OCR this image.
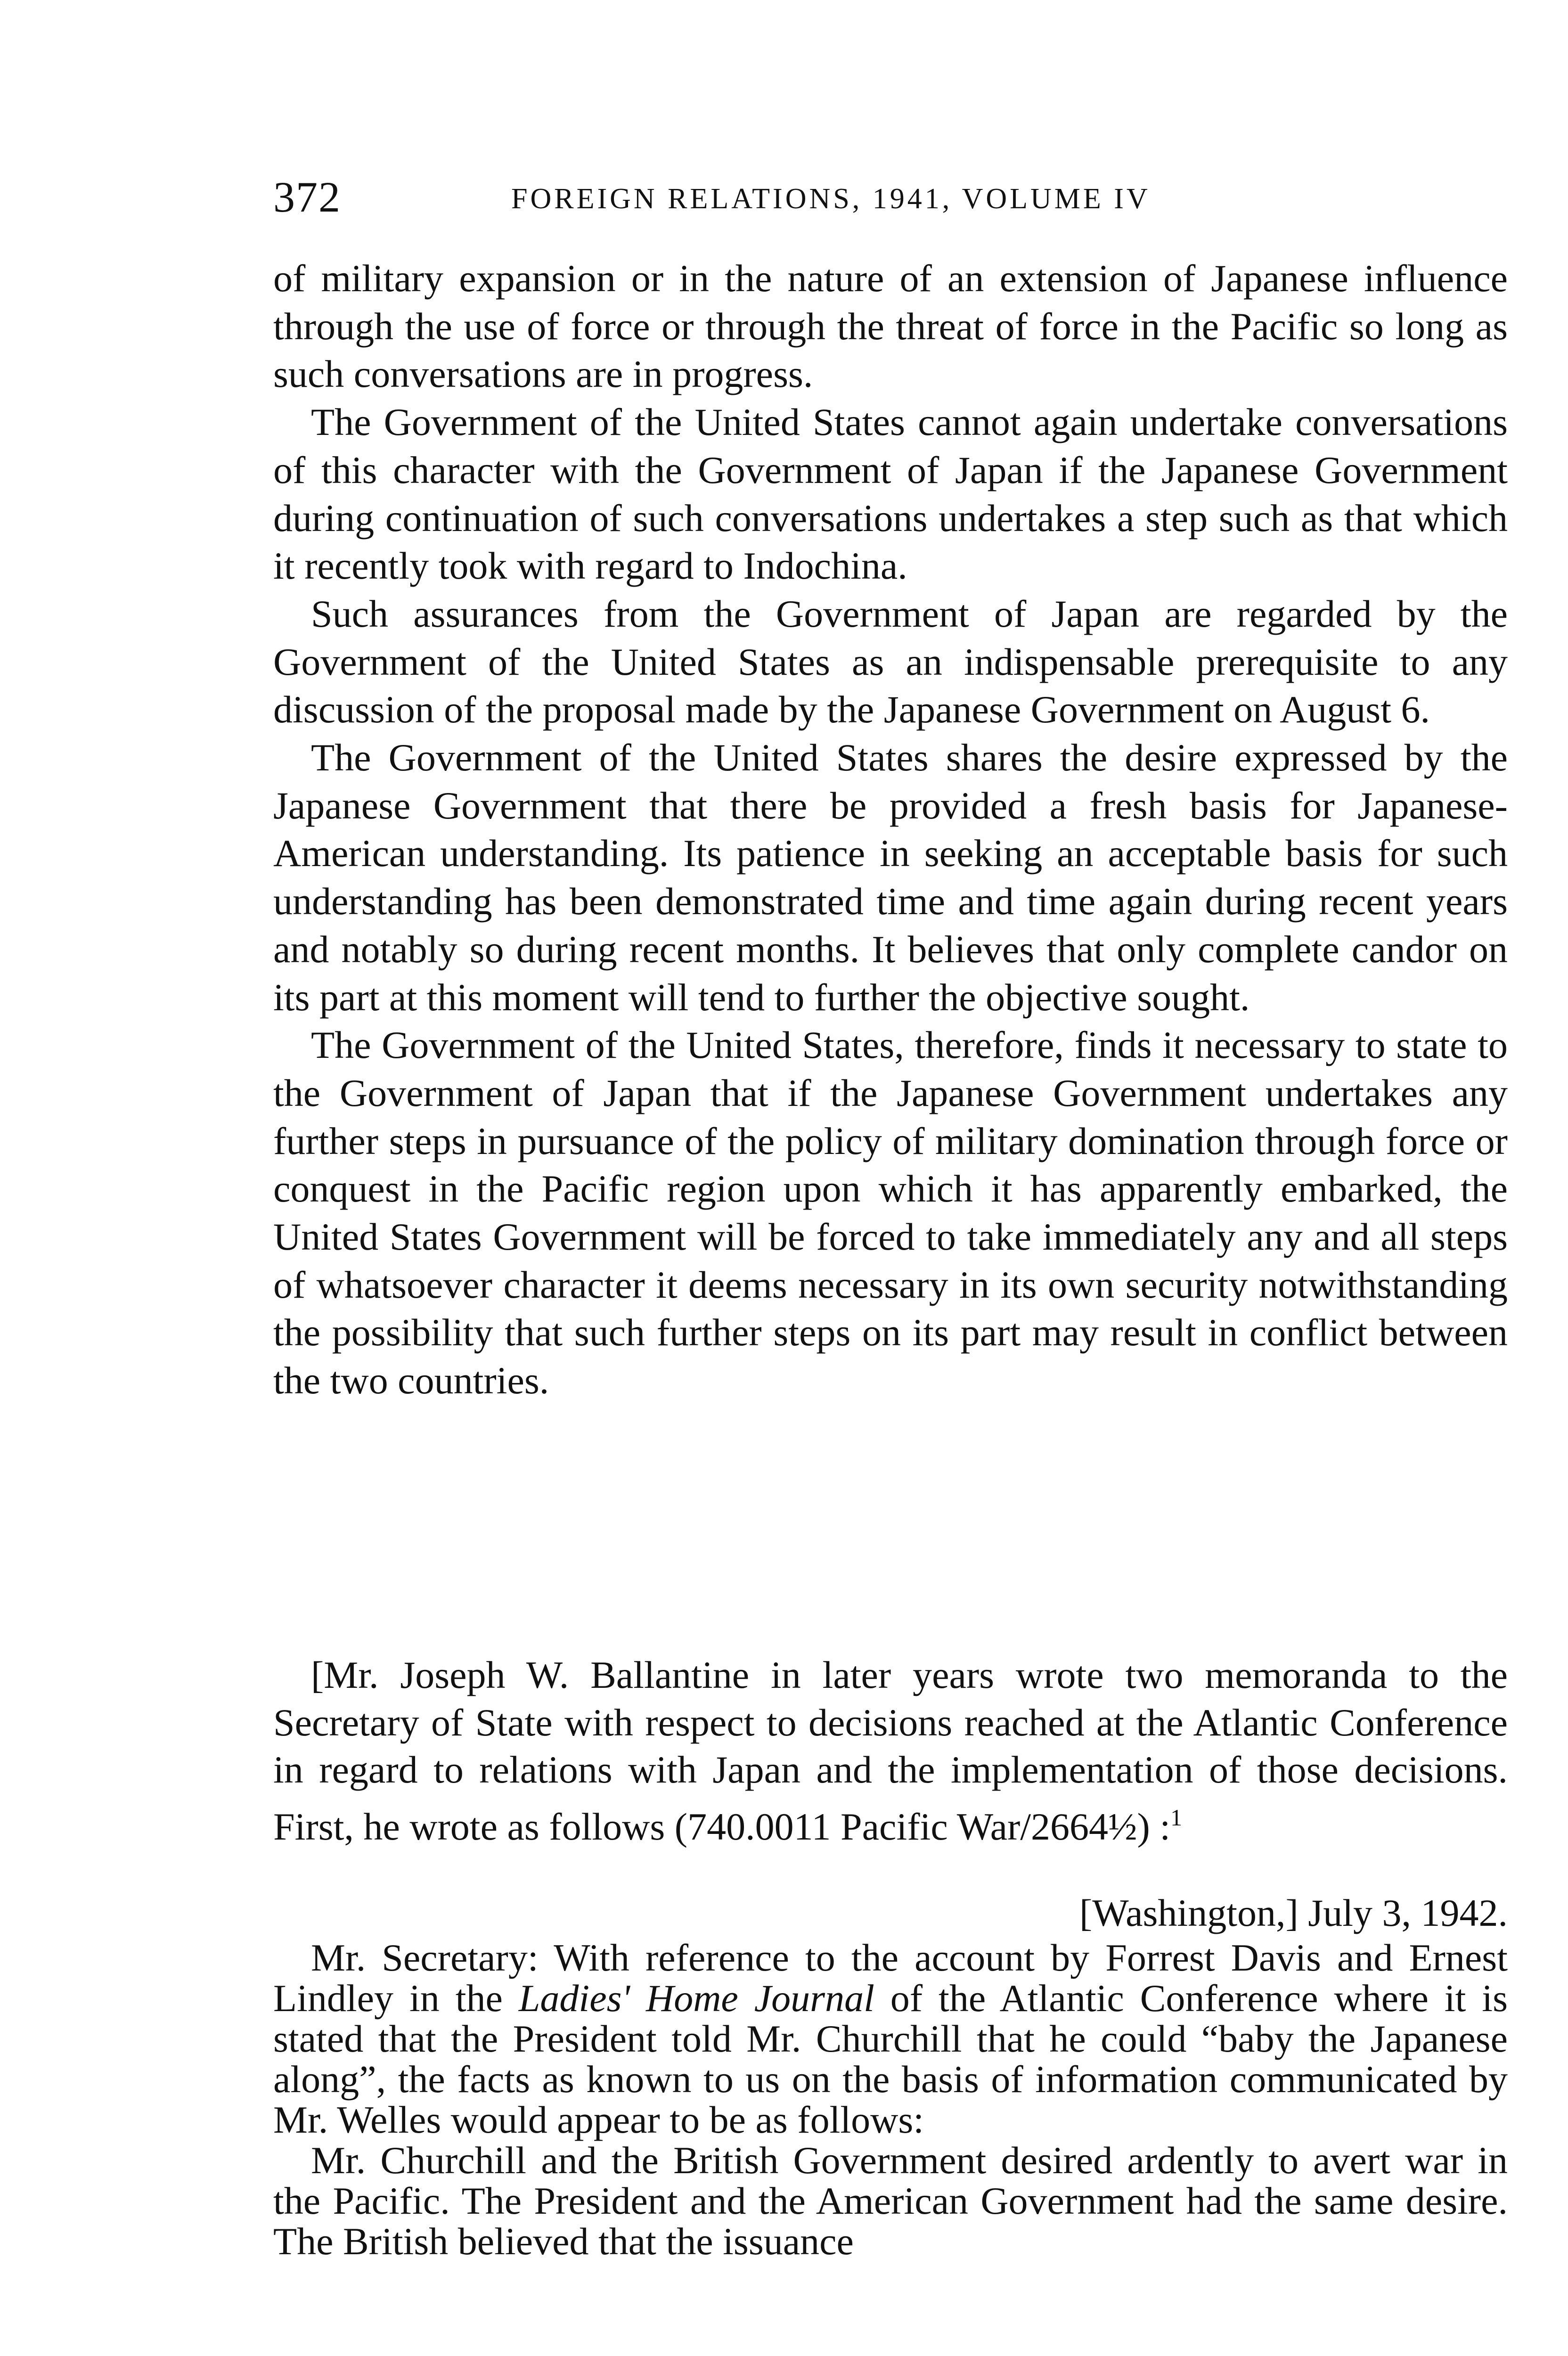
372	FOREIGN RELATIONS, 1941, VOLUME IV

of military expansion or in the nature of an extension of Japanese influence through the use of force or through the threat of force in the Pacific so long as such conversations are in progress.

The Government of the United States cannot again undertake conversations of this character with the Government of Japan if the Japanese Government during continuation of such conversations undertakes a step such as that which it recently took with regard to Indochina.

Such assurances from the Government of Japan are regarded by the Government of the United States as an indispensable prerequisite to any discussion of the proposal made by the Japanese Government on August 6.

The Government of the United States shares the desire expressed by the Japanese Government that there be provided a fresh basis for Japanese-American understanding. Its patience in seeking an acceptable basis for such understanding has been demonstrated time and time again during recent years and notably so during recent months. It believes that only complete candor on its part at this moment will tend to further the objective sought.

The Government of the United States, therefore, finds it necessary to state to the Government of Japan that if the Japanese Government undertakes any further steps in pursuance of the policy of military domination through force or conquest in the Pacific region upon which it has apparently embarked, the United States Government will be forced to take immediately any and all steps of whatsoever character it deems necessary in its own security notwithstanding the possibility that such further steps on its part may result in conflict between the two countries.

[Mr. Joseph W. Ballantine in later years wrote two memoranda to the Secretary of State with respect to decisions reached at the Atlantic Conference in regard to relations with Japan and the implementation of those decisions. First, he wrote as follows (740.0011 Pacific War/2664½) :$^1$

[Washington,] July 3, 1942.

Mr. Secretary: With reference to the account by Forrest Davis and Ernest Lindley in the Ladies' Home Journal of the Atlantic Conference where it is stated that the President told Mr. Churchill that he could “baby the Japanese along”, the facts as known to us on the basis of information communicated by Mr. Welles would appear to be as follows:

Mr. Churchill and the British Government desired ardently to avert war in the Pacific. The President and the American Government had the same desire. The British believed that the issuance
